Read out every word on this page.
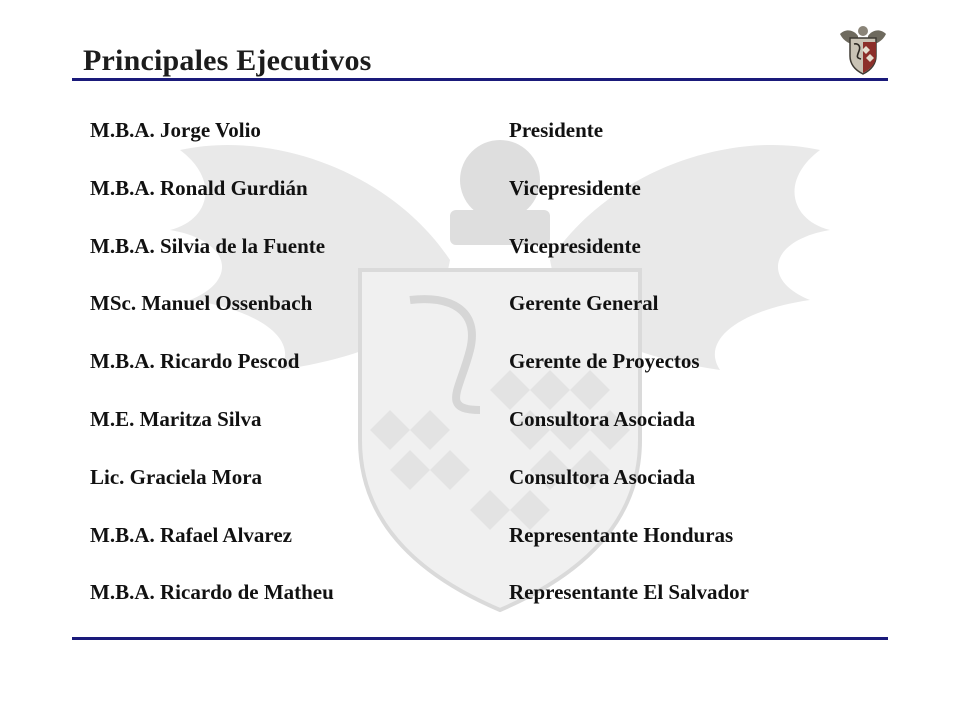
Principales Ejecutivos
M.B.A. Jorge Volio	Presidente
M.B.A. Ronald Gurdián	Vicepresidente
M.B.A. Silvia de la Fuente	Vicepresidente
MSc. Manuel Ossenbach	Gerente General
M.B.A. Ricardo Pescod	Gerente de Proyectos
M.E. Maritza Silva	Consultora Asociada
Lic. Graciela Mora	Consultora Asociada
M.B.A. Rafael Alvarez	Representante Honduras
M.B.A. Ricardo de Matheu	Representante El Salvador
